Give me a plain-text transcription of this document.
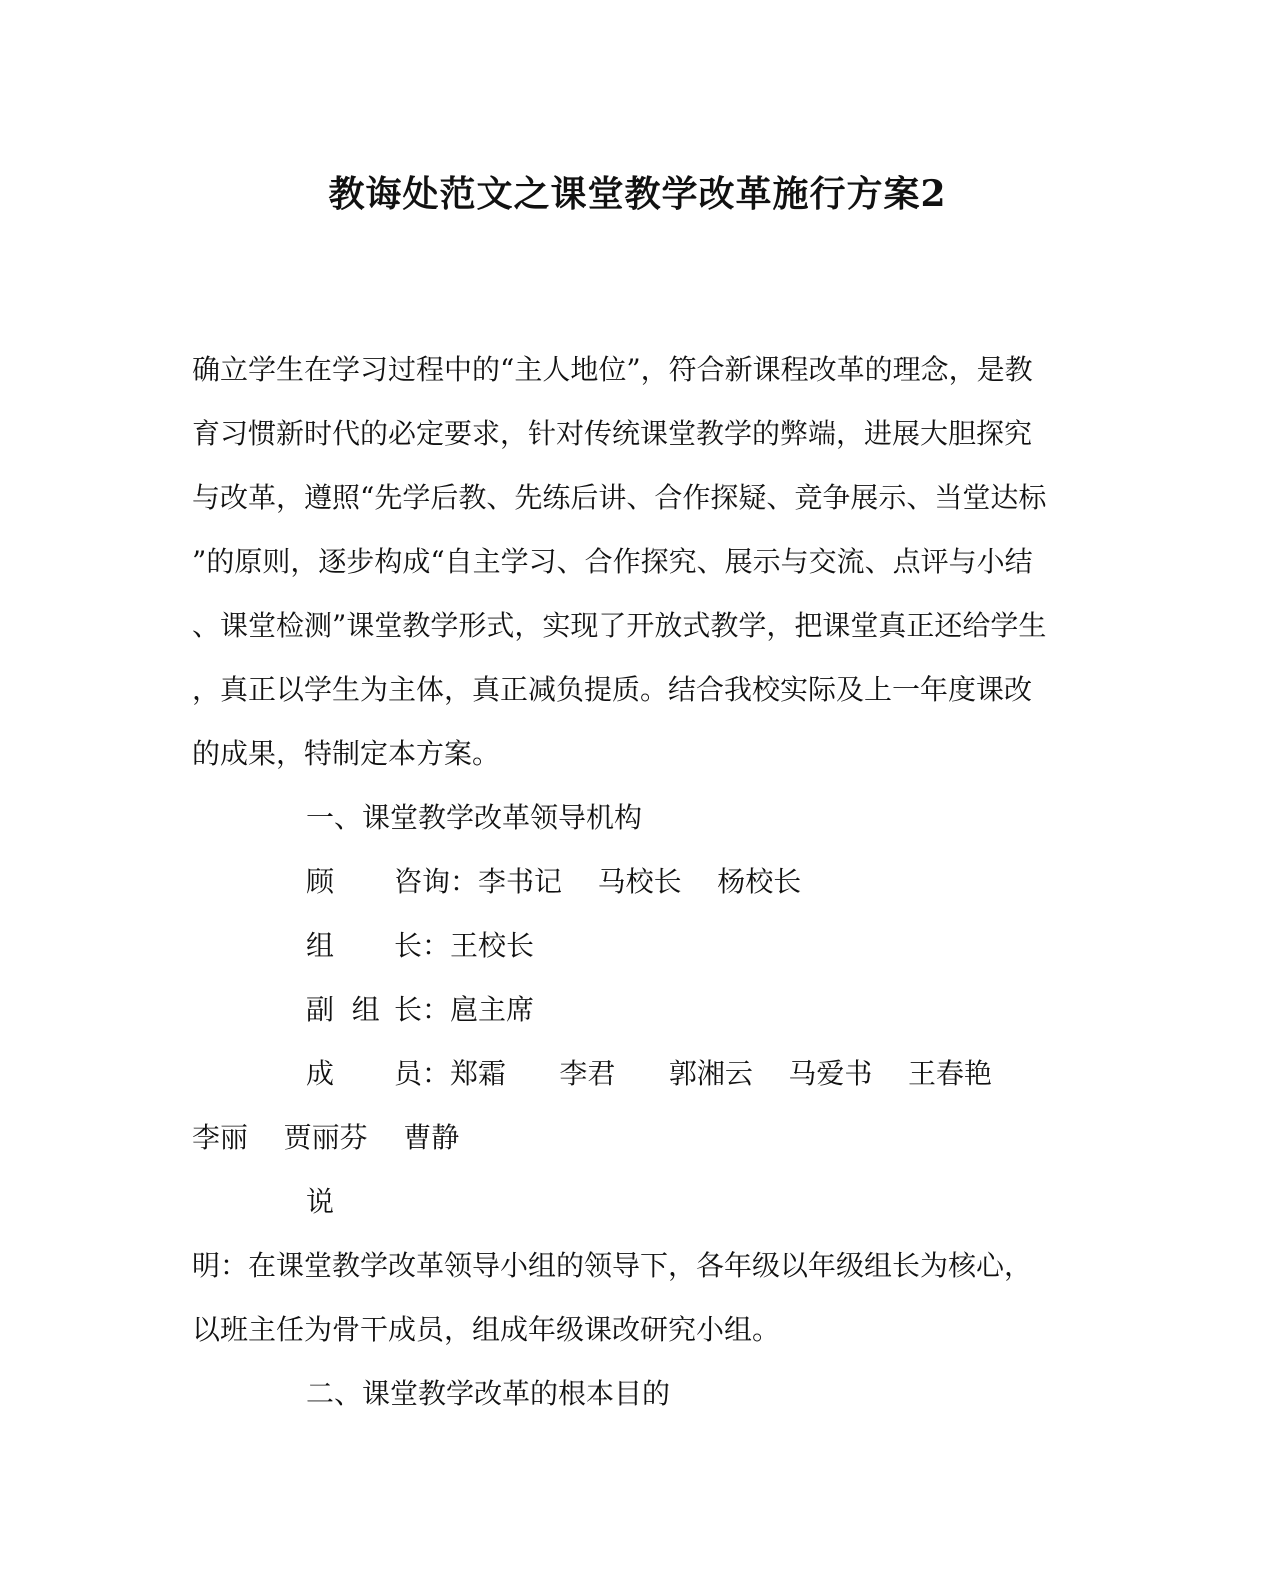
教诲处范文之课堂教学改革施行方案2
确立学生在学习过程中的“主人地位”，符合新课程改革的理念，是教
育习惯新时代的必定要求，针对传统课堂教学的弊端，进展大胆探究
与改革，遵照“先学后教、先练后讲、合作探疑、竞争展示、当堂达标
”的原则，逐步构成“自主学习、合作探究、展示与交流、点评与小结
、课堂检测”课堂教学形式，实现了开放式教学，把课堂真正还给学生
，真正以学生为主体，真正减负提质。结合我校实际及上一年度课改
的成果，特制定本方案。
一、课堂教学改革领导机构
顾 咨询：李书记    马校长    杨校长
组 长：王校长
副  组 长：扈主席
成 员：郑霜      李君      郭湘云    马爱书    王春艳
李丽    贾丽芬    曹静
说
明：在课堂教学改革领导小组的领导下，各年级以年级组长为核心，
以班主任为骨干成员，组成年级课改研究小组。
二、课堂教学改革的根本目的
